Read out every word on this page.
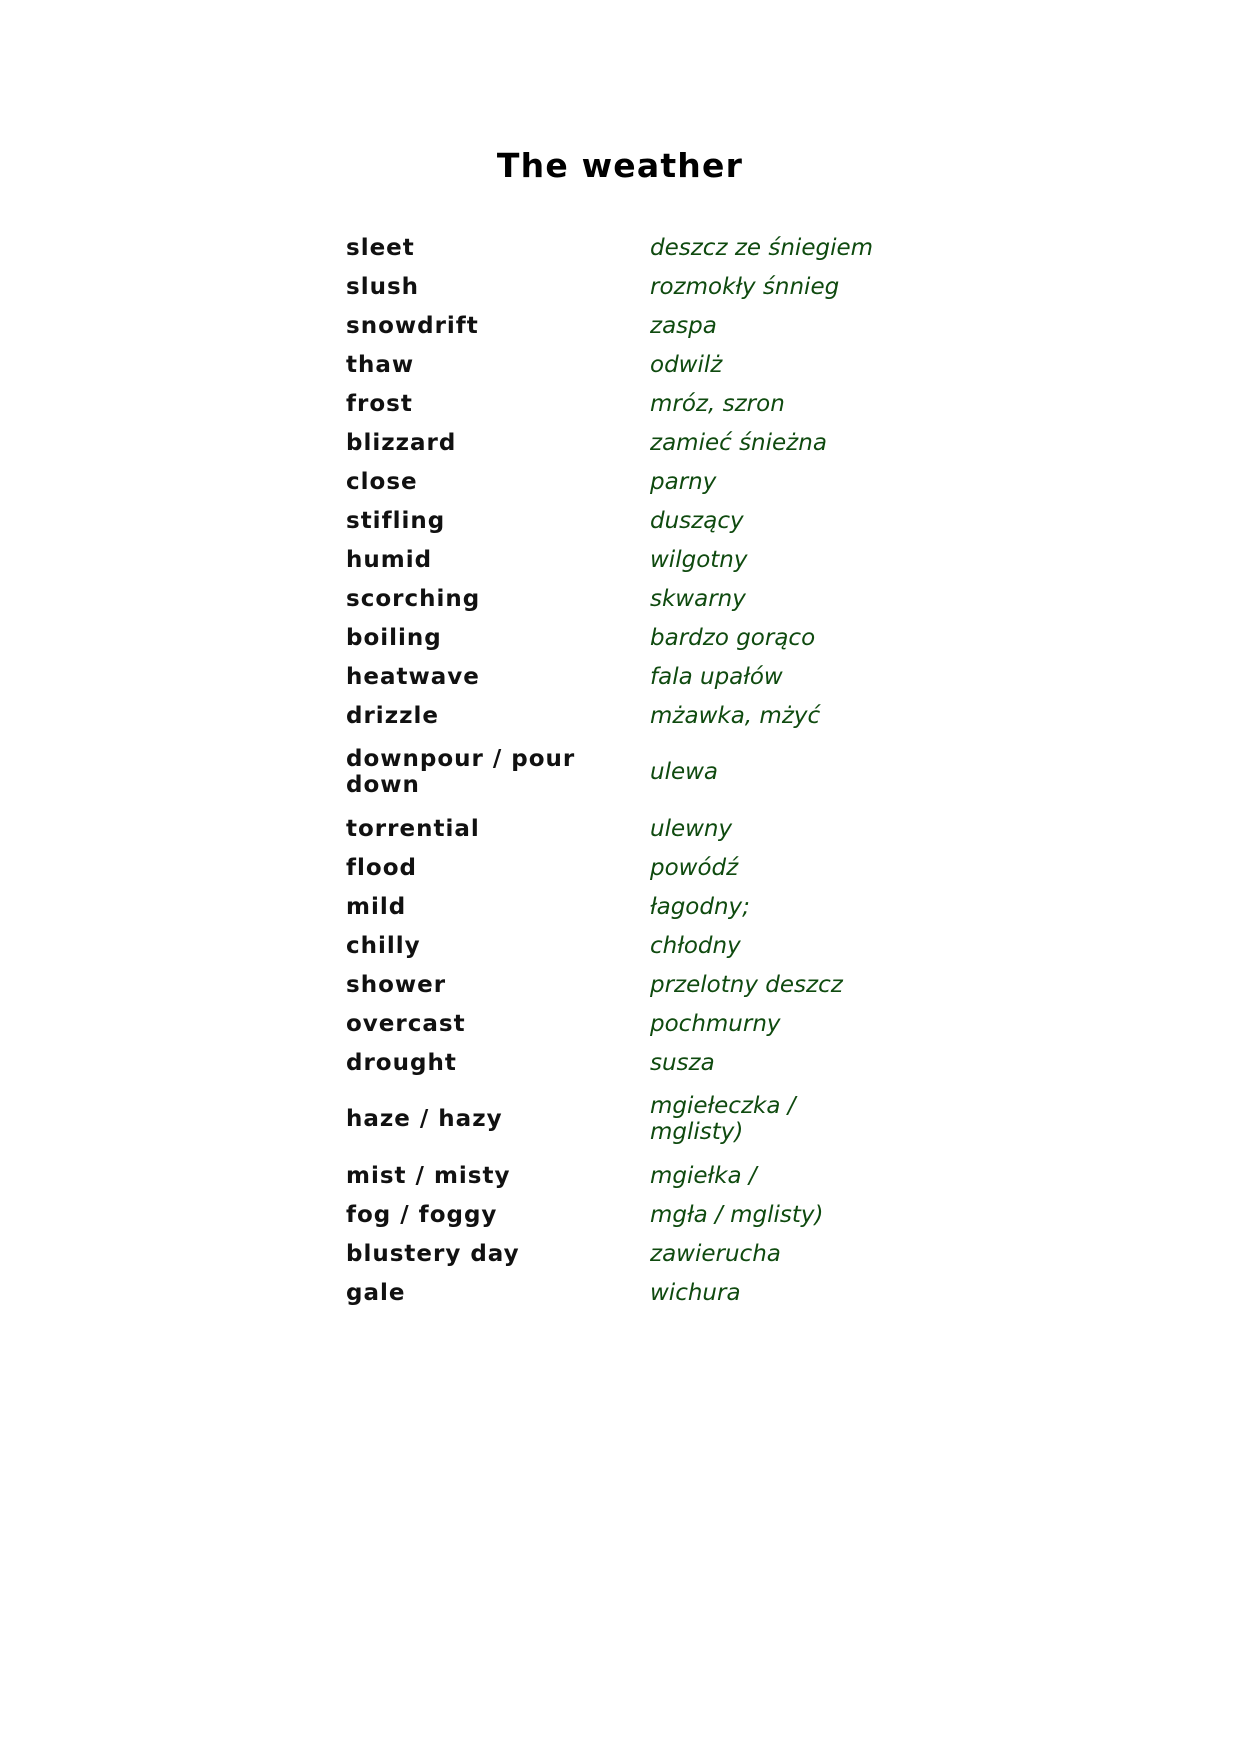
The weather
sleet	deszcz ze śniegiem
slush	rozmokły śnnieg
snowdrift	zaspa
thaw	odwilż
frost	mróz, szron
blizzard	zamieć śnieżna
close	parny
stifling	duszący
humid	wilgotny
scorching	skwarny
boiling	bardzo gorąco
heatwave	fala upałów
drizzle	mżawka, mżyć
downpour / pour down	ulewa
torrential	ulewny
flood	powódź
mild	łagodny;
chilly	chłodny
shower	przelotny deszcz
overcast	pochmurny
drought	susza
haze / hazy	mgiełeczka / mglisty)
mist / misty	mgiełka /
fog / foggy	mgła / mglisty)
blustery day	zawierucha
gale	wichura
